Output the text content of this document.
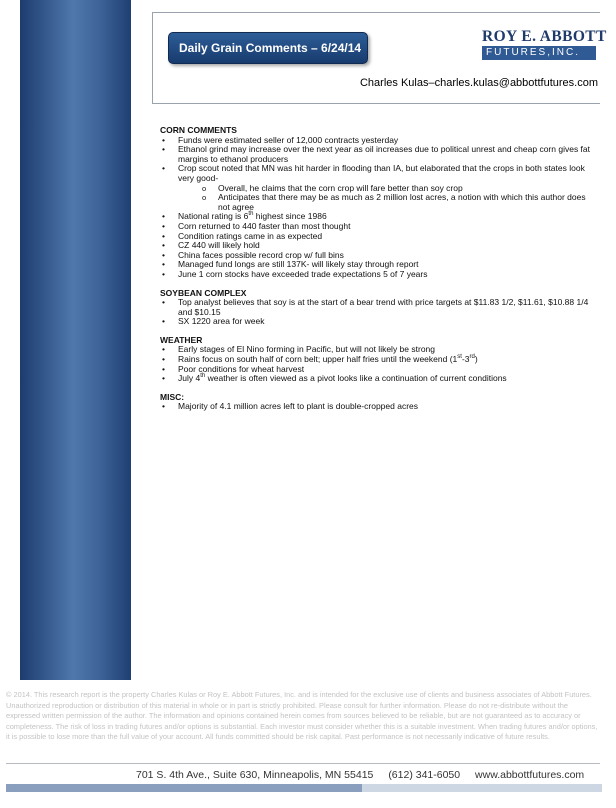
Daily Grain Comments – 6/24/14
ROY E. ABBOTT
FUTURES,INC.
Charles Kulas–charles.kulas@abbottfutures.com
CORN COMMENTS
• Funds were estimated seller of 12,000 contracts yesterday
• Ethanol grind may increase over the next year as oil increases due to political unrest and cheap corn gives fat margins to ethanol producers
• Crop scout noted that MN was hit harder in flooding than IA, but elaborated that the crops in both states look very good-
o Overall, he claims that the corn crop will fare better than soy crop
o Anticipates that there may be as much as 2 million lost acres, a notion with which this author does not agree
• National rating is 6th highest since 1986
• Corn returned to 440 faster than most thought
• Condition ratings came in as expected
• CZ 440 will likely hold
• China faces possible record crop w/ full bins
• Managed fund longs are still 137K- will likely stay through report
• June 1 corn stocks have exceeded trade expectations 5 of 7 years
SOYBEAN COMPLEX
• Top analyst believes that soy is at the start of a bear trend with price targets at $11.83 1/2, $11.61, $10.88 1/4 and $10.15
• SX 1220 area for week
WEATHER
• Early stages of El Nino forming in Pacific, but will not likely be strong
• Rains focus on south half of corn belt; upper half fries until the weekend (1st-3rd)
• Poor conditions for wheat harvest
• July 4th weather is often viewed as a pivot looks like a continuation of current conditions
MISC:
• Majority of 4.1 million acres left to plant is double-cropped acres
© 2014. This research report is the property Charles Kulas or Roy E. Abbott Futures, Inc. and is intended for the exclusive use of clients and business associates of Abbott Futures. Unauthorized reproduction or distribution of this material in whole or in part is strictly prohibited. Please consult for further information. Please do not re-distribute without the expressed written permission of the author. The information and opinions contained herein comes from sources believed to be reliable, but are not guaranteed as to accuracy or completeness. The risk of loss in trading futures and/or options is substantial. Each investor must consider whether this is a suitable investment. When trading futures and/or options, it is possible to lose more than the full value of your account. All funds committed should be risk capital. Past performance is not necessarily indicative of future results.
701 S. 4th Ave., Suite 630, Minneapolis, MN 55415 (612) 341-6050 www.abbottfutures.com
